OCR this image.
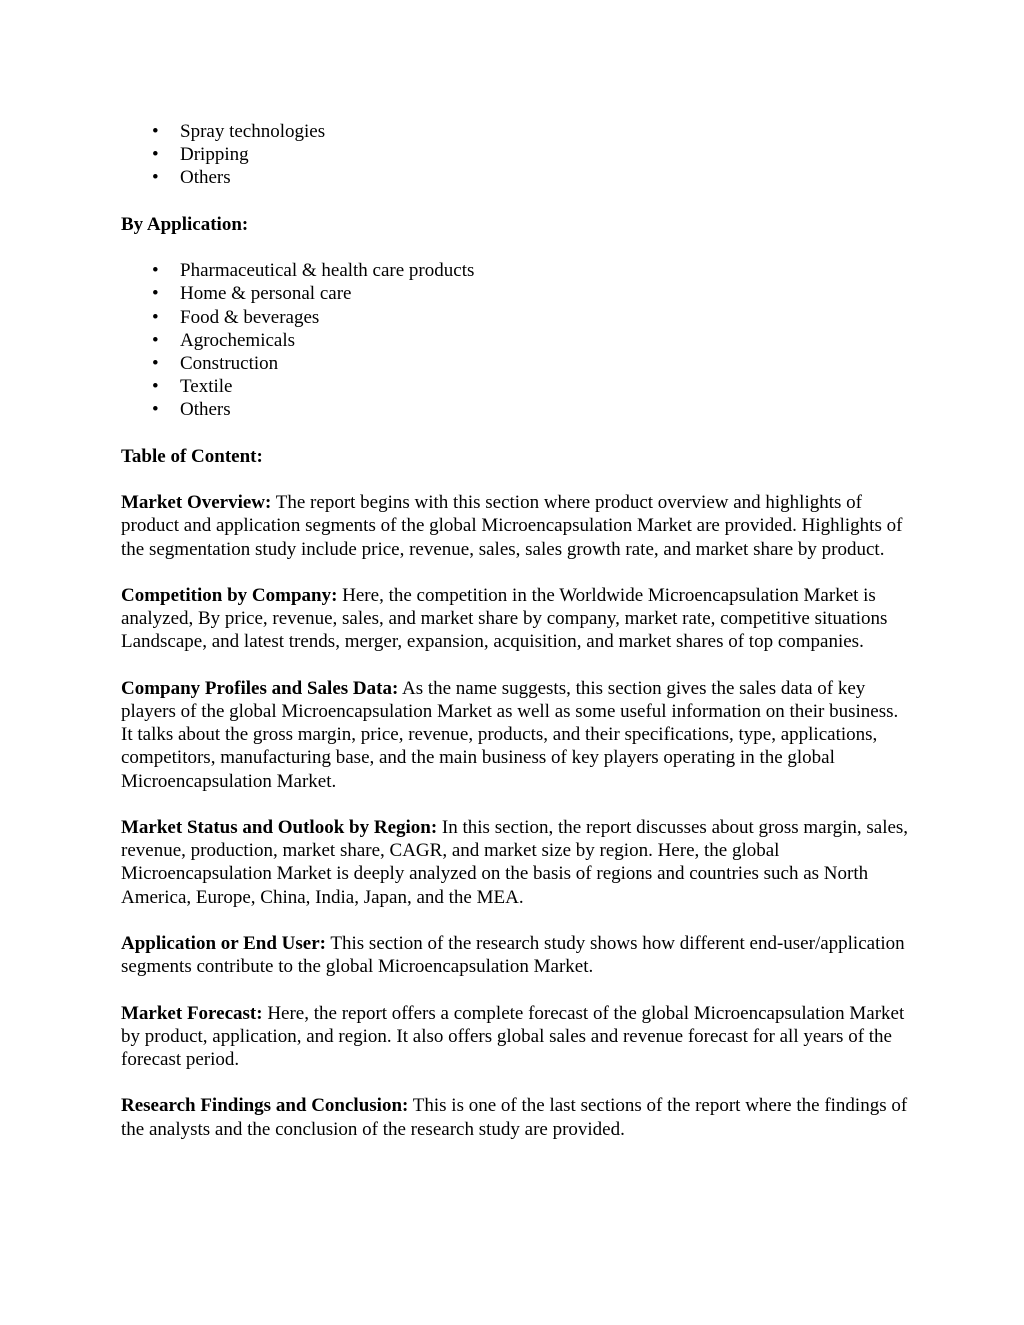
• Spray technologies
• Dripping
• Others
By Application:
• Pharmaceutical & health care products
• Home & personal care
• Food & beverages
• Agrochemicals
• Construction
• Textile
• Others
Table of Content:

Market Overview: The report begins with this section where product overview and highlights of product and application segments of the global Microencapsulation Market are provided. Highlights of the segmentation study include price, revenue, sales, sales growth rate, and market share by product.

Competition by Company: Here, the competition in the Worldwide Microencapsulation Market is analyzed, By price, revenue, sales, and market share by company, market rate, competitive situations Landscape, and latest trends, merger, expansion, acquisition, and market shares of top companies.

Company Profiles and Sales Data: As the name suggests, this section gives the sales data of key players of the global Microencapsulation Market as well as some useful information on their business. It talks about the gross margin, price, revenue, products, and their specifications, type, applications, competitors, manufacturing base, and the main business of key players operating in the global Microencapsulation Market.

Market Status and Outlook by Region: In this section, the report discusses about gross margin, sales, revenue, production, market share, CAGR, and market size by region. Here, the global Microencapsulation Market is deeply analyzed on the basis of regions and countries such as North America, Europe, China, India, Japan, and the MEA.

Application or End User: This section of the research study shows how different end-user/application segments contribute to the global Microencapsulation Market.

Market Forecast: Here, the report offers a complete forecast of the global Microencapsulation Market by product, application, and region. It also offers global sales and revenue forecast for all years of the forecast period.

Research Findings and Conclusion: This is one of the last sections of the report where the findings of the analysts and the conclusion of the research study are provided.
